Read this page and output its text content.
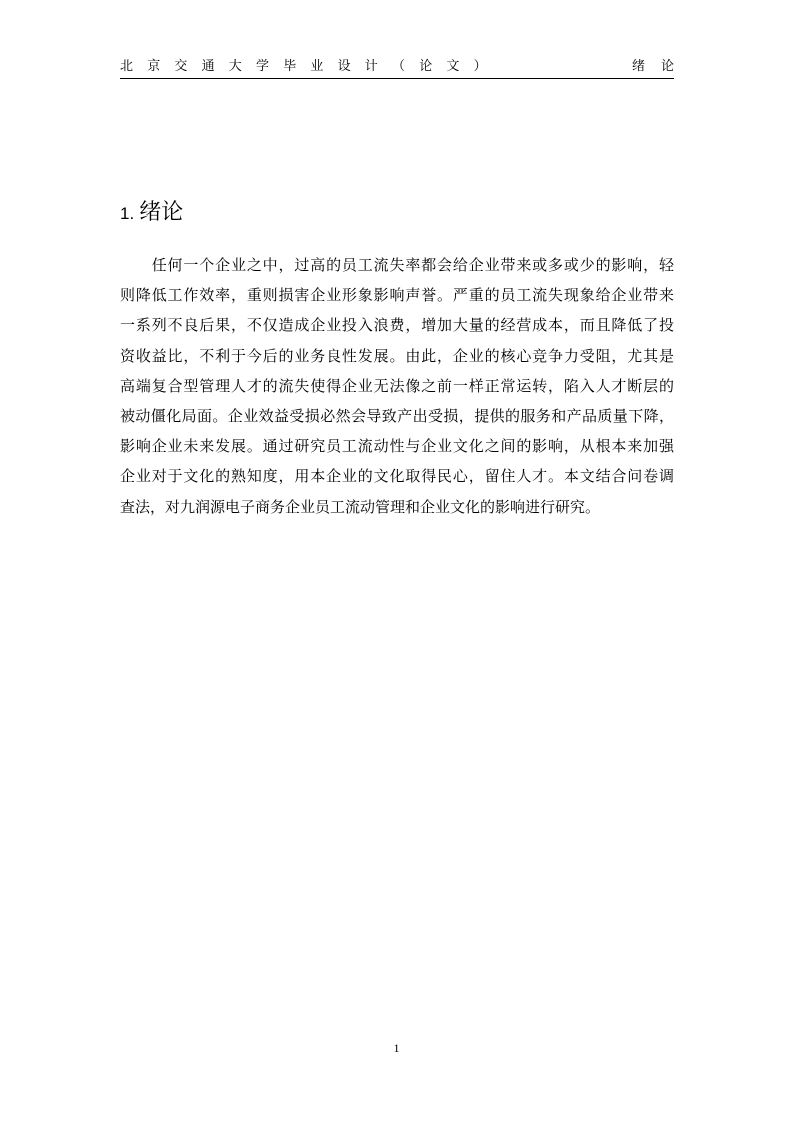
北京交通大学毕业设计（论文）	绪论
1. 绪论
　　任何一个企业之中，过高的员工流失率都会给企业带来或多或少的影响，轻
则降低工作效率，重则损害企业形象影响声誉。严重的员工流失现象给企业带来
一系列不良后果，不仅造成企业投入浪费，增加大量的经营成本，而且降低了投
资收益比，不利于今后的业务良性发展。由此，企业的核心竞争力受阻，尤其是
高端复合型管理人才的流失使得企业无法像之前一样正常运转，陷入人才断层的
被动僵化局面。企业效益受损必然会导致产出受损，提供的服务和产品质量下降，
影响企业未来发展。通过研究员工流动性与企业文化之间的影响，从根本来加强
企业对于文化的熟知度，用本企业的文化取得民心，留住人才。本文结合问卷调
查法，对九润源电子商务企业员工流动管理和企业文化的影响进行研究。
1
